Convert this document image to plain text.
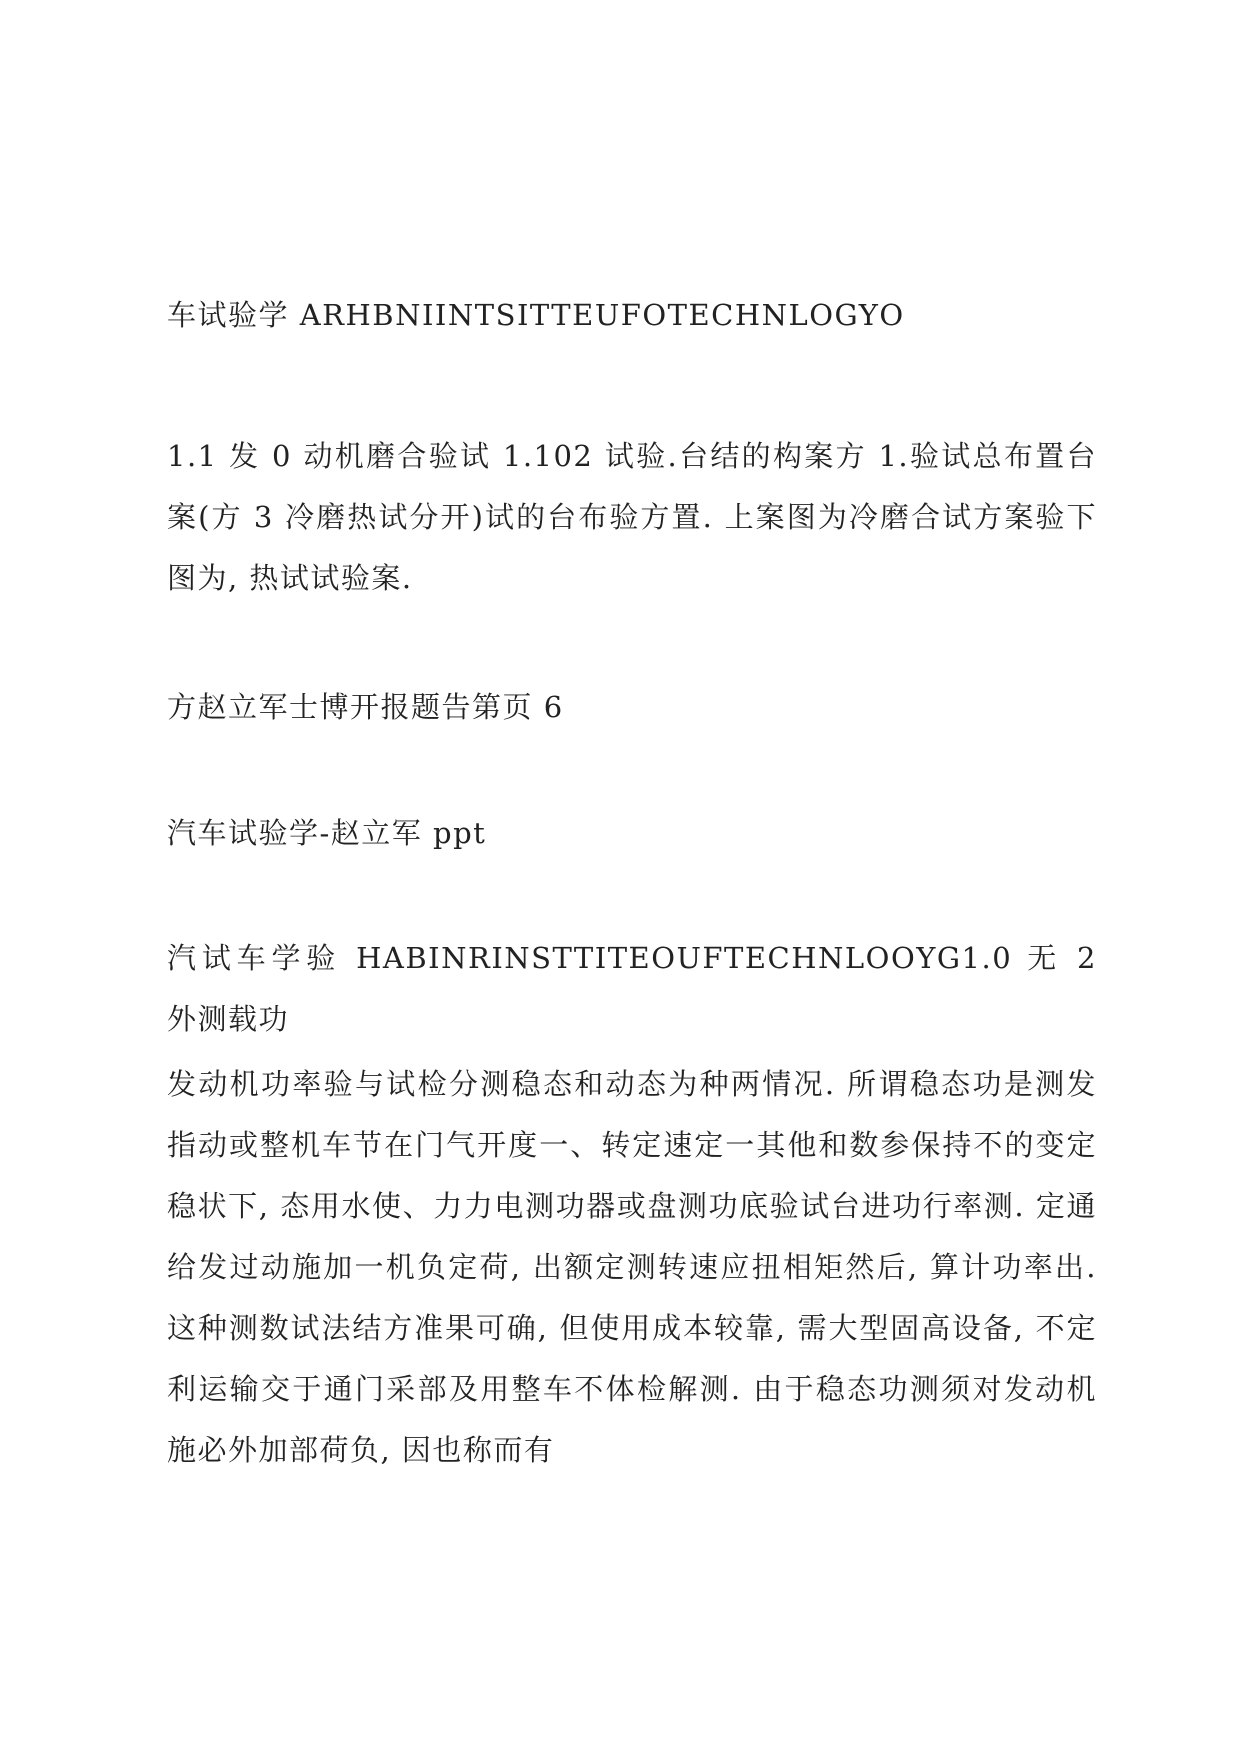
车试验学 ARHBNIINTSITTEUFOTECHNLOGYO

1.1 发 0 动机磨合验试 1.102 试验.台结的构案方 1.验试总布置台案(方 3 冷磨热试分开)试的台布验方置. 上案图为冷磨合试方案验下图为, 热试试验案.

方赵立军士博开报题告第页 6

汽车试验学-赵立军 ppt

汽试车学验 HABINRINSTTITEOUFTECHNLOOYG1.0 无 2 外测载功

发动机功率验与试检分测稳态和动态为种两情况. 所谓稳态功是测发指动或整机车节在门气开度一、转定速定一其他和数参保持不的变定稳状下, 态用水使、力力电测功器或盘测功底验试台进功行率测. 定通给发过动施加一机负定荷, 出额定测转速应扭相矩然后, 算计功率出. 这种测数试法结方准果可确, 但使用成本较靠, 需大型固高设备, 不定利运输交于通门采部及用整车不体检解测. 由于稳态功测须对发动机施必外加部荷负, 因也称而有
